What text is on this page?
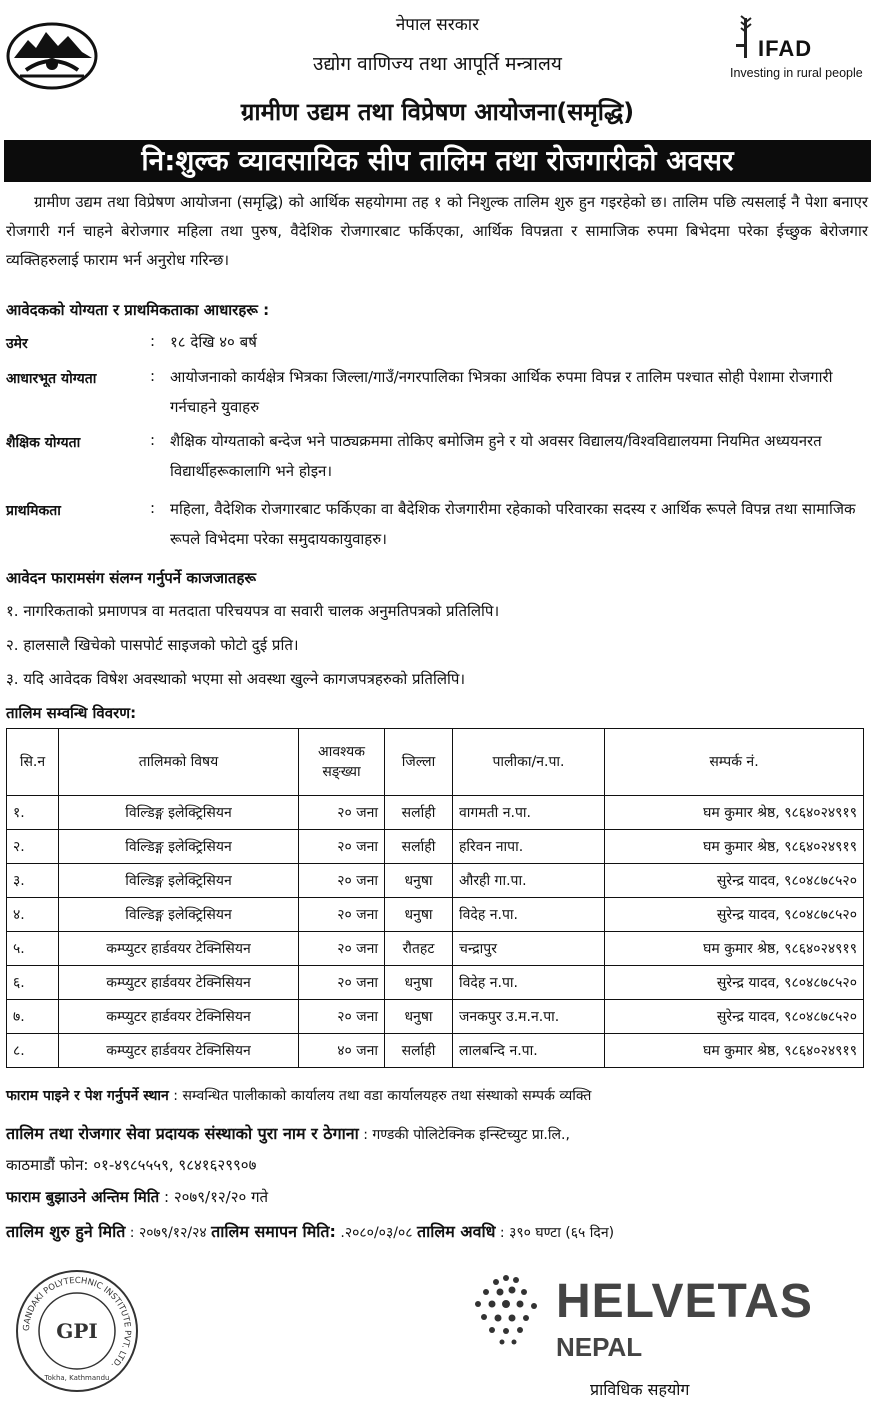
नेपाल सरकार
उद्योग वाणिज्य तथा आपूर्ति मन्त्रालय
ग्रामीण उद्यम तथा विप्रेषण आयोजना(समृद्धि)
IFAD
Investing in rural people
नि:शुल्क व्यावसायिक सीप तालिम तथा रोजगारीको अवसर
ग्रामीण उद्यम तथा विप्रेषण आयोजना (समृद्धि) को आर्थिक सहयोगमा तह १ को निशुल्क तालिम शुरु हुन गइरहेको छ। तालिम पछि त्यसलाई नै पेशा बनाएर रोजगारी गर्न चाहने बेरोजगार महिला तथा पुरुष, वैदेशिक रोजगारबाट फर्किएका, आर्थिक विपन्नता र सामाजिक रुपमा बिभेदमा परेका ईच्छुक बेरोजगार व्यक्तिहरुलाई फाराम भर्न अनुरोध गरिन्छ।
आवेदकको योग्यता र प्राथमिकताका आधारहरू :
उमेर	: १८ देखि ४० बर्ष
आधारभूत योग्यता	: आयोजनाको कार्यक्षेत्र भित्रका जिल्ला/गाउँ/नगरपालिका भित्रका आर्थिक रुपमा विपन्न र तालिम पश्चात सोही पेशामा रोजगारी गर्नचाहने युवाहरु
शैक्षिक योग्यता	: शैक्षिक योग्यताको बन्देज भने पाठ्यक्रममा तोकिए बमोजिम हुने र यो अवसर विद्यालय/विश्वविद्यालयमा नियमित अध्ययनरत विद्यार्थीहरूकालागि भने होइन।
प्राथमिकता	: महिला, वैदेशिक रोजगारबाट फर्किएका वा बैदेशिक रोजगारीमा रहेकाको परिवारका सदस्य र आर्थिक रूपले विपन्न तथा सामाजिक रूपले विभेदमा परेका समुदायकायुवाहरु।
आवेदन फारामसंग संलग्न गर्नुपर्ने काजजातहरू
१. नागरिकताको प्रमाणपत्र वा मतदाता परिचयपत्र वा सवारी चालक अनुमतिपत्रको प्रतिलिपि।
२. हालसालै खिचेको पासपोर्ट साइजको फोटो दुई प्रति।
३. यदि आवेदक विषेश अवस्थाको भएमा सो अवस्था खुल्ने कागजपत्रहरुको प्रतिलिपि।
तालिम सम्वन्धि विवरण:
सि.न	तालिमको विषय	आवश्यक सङ्ख्या	जिल्ला	पालीका/न.पा.	सम्पर्क नं.
१.	विल्डिङ्ग इलेक्ट्रिसियन	२० जना	सर्लाही	वागमती न.पा.	घम कुमार श्रेष्ठ, ९८६४०२४९१९
२.	विल्डिङ्ग इलेक्ट्रिसियन	२० जना	सर्लाही	हरिवन नापा.	घम कुमार श्रेष्ठ, ९८६४०२४९१९
३.	विल्डिङ्ग इलेक्ट्रिसियन	२० जना	धनुषा	औरही गा.पा.	सुरेन्द्र यादव, ९८०४८७८५२०
४.	विल्डिङ्ग इलेक्ट्रिसियन	२० जना	धनुषा	विदेह न.पा.	सुरेन्द्र यादव, ९८०४८७८५२०
५.	कम्प्युटर हार्डवयर टेक्निसियन	२० जना	रौतहट	चन्द्रापुर	घम कुमार श्रेष्ठ, ९८६४०२४९१९
६.	कम्प्युटर हार्डवयर टेक्निसियन	२० जना	धनुषा	विदेह न.पा.	सुरेन्द्र यादव, ९८०४८७८५२०
७.	कम्प्युटर हार्डवयर टेक्निसियन	२० जना	धनुषा	जनकपुर उ.म.न.पा.	सुरेन्द्र यादव, ९८०४८७८५२०
८.	कम्प्युटर हार्डवयर टेक्निसियन	४० जना	सर्लाही	लालबन्दि न.पा.	घम कुमार श्रेष्ठ, ९८६४०२४९१९
फाराम पाइने र पेश गर्नुपर्ने स्थान : सम्वन्धित पालीकाको कार्यालय तथा वडा कार्यालयहरु तथा संस्थाको सम्पर्क व्यक्ति
तालिम तथा रोजगार सेवा प्रदायक संस्थाको पुरा नाम र ठेगाना : गण्डकी पोलिटेक्निक इन्स्टिच्युट प्रा.लि.,
काठमाडौं फोन: ०१-४९८५५५९, ९८४१६२९९०७
फाराम बुझाउने अन्तिम मिति : २०७९/१२/२० गते
तालिम शुरु हुने मिति : २०७९/१२/२४ तालिम समापन मिति: .२०८०/०३/०८ तालिम अवधि : ३९० घण्टा (६५ दिन)
GANDAKI POLYTECHNIC INSTITUTE PVT. LTD.
GPI
Tokha, Kathmandu
HELVETAS
NEPAL
प्राविधिक सहयोग
